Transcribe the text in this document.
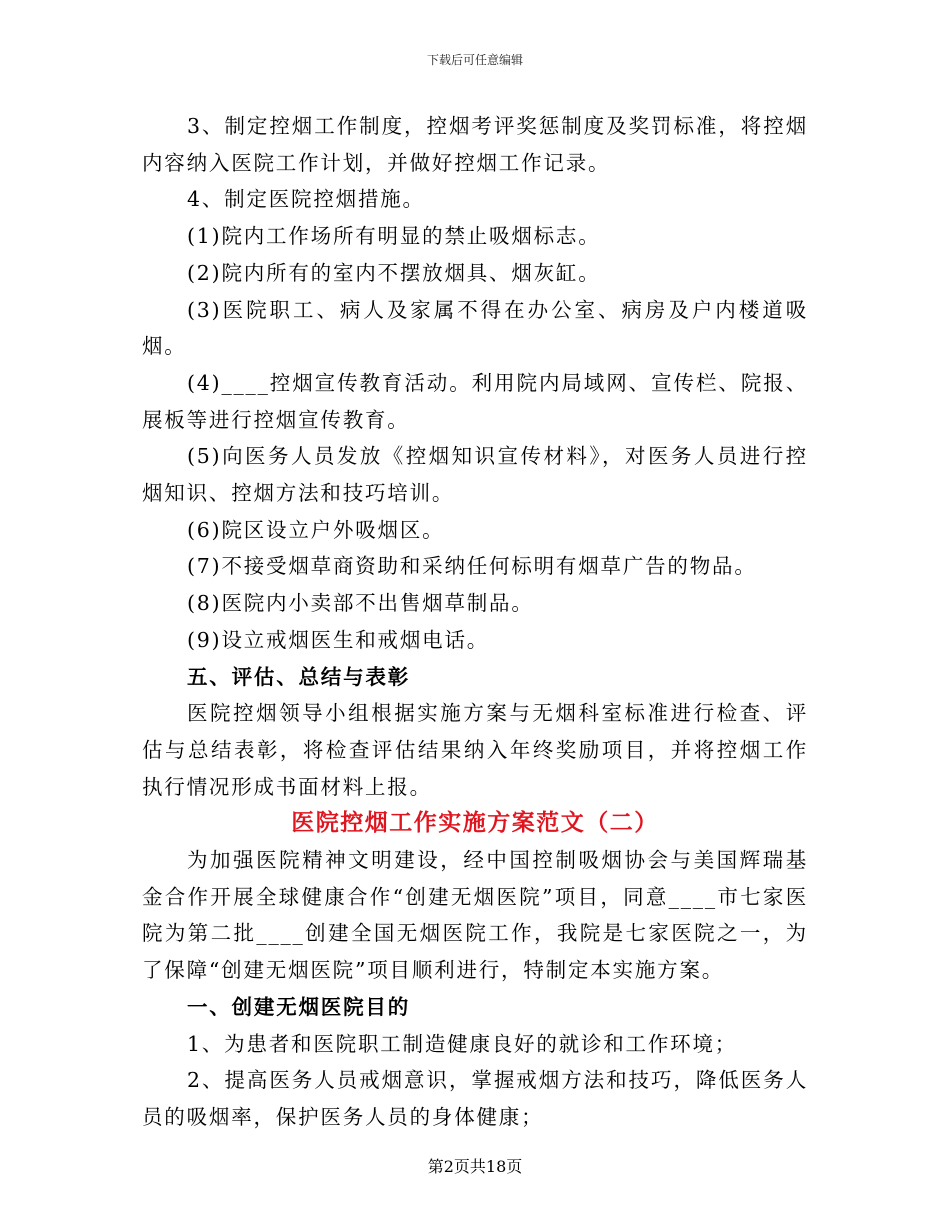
下载后可任意编辑

3、制定控烟工作制度，控烟考评奖惩制度及奖罚标准，将控烟内容纳入医院工作计划，并做好控烟工作记录。

4、制定医院控烟措施。

(1)院内工作场所有明显的禁止吸烟标志。

(2)院内所有的室内不摆放烟具、烟灰缸。

(3)医院职工、病人及家属不得在办公室、病房及户内楼道吸烟。

(4)____控烟宣传教育活动。利用院内局域网、宣传栏、院报、展板等进行控烟宣传教育。

(5)向医务人员发放《控烟知识宣传材料》，对医务人员进行控烟知识、控烟方法和技巧培训。

(6)院区设立户外吸烟区。

(7)不接受烟草商资助和采纳任何标明有烟草广告的物品。

(8)医院内小卖部不出售烟草制品。

(9)设立戒烟医生和戒烟电话。

五、评估、总结与表彰

医院控烟领导小组根据实施方案与无烟科室标准进行检查、评估与总结表彰，将检查评估结果纳入年终奖励项目，并将控烟工作执行情况形成书面材料上报。

医院控烟工作实施方案范文（二）

为加强医院精神文明建设，经中国控制吸烟协会与美国辉瑞基金合作开展全球健康合作“创建无烟医院”项目，同意____市七家医院为第二批____创建全国无烟医院工作，我院是七家医院之一，为了保障“创建无烟医院”项目顺利进行，特制定本实施方案。

一、创建无烟医院目的

1、为患者和医院职工制造健康良好的就诊和工作环境；

2、提高医务人员戒烟意识，掌握戒烟方法和技巧，降低医务人员的吸烟率，保护医务人员的身体健康；

第2页共18页
